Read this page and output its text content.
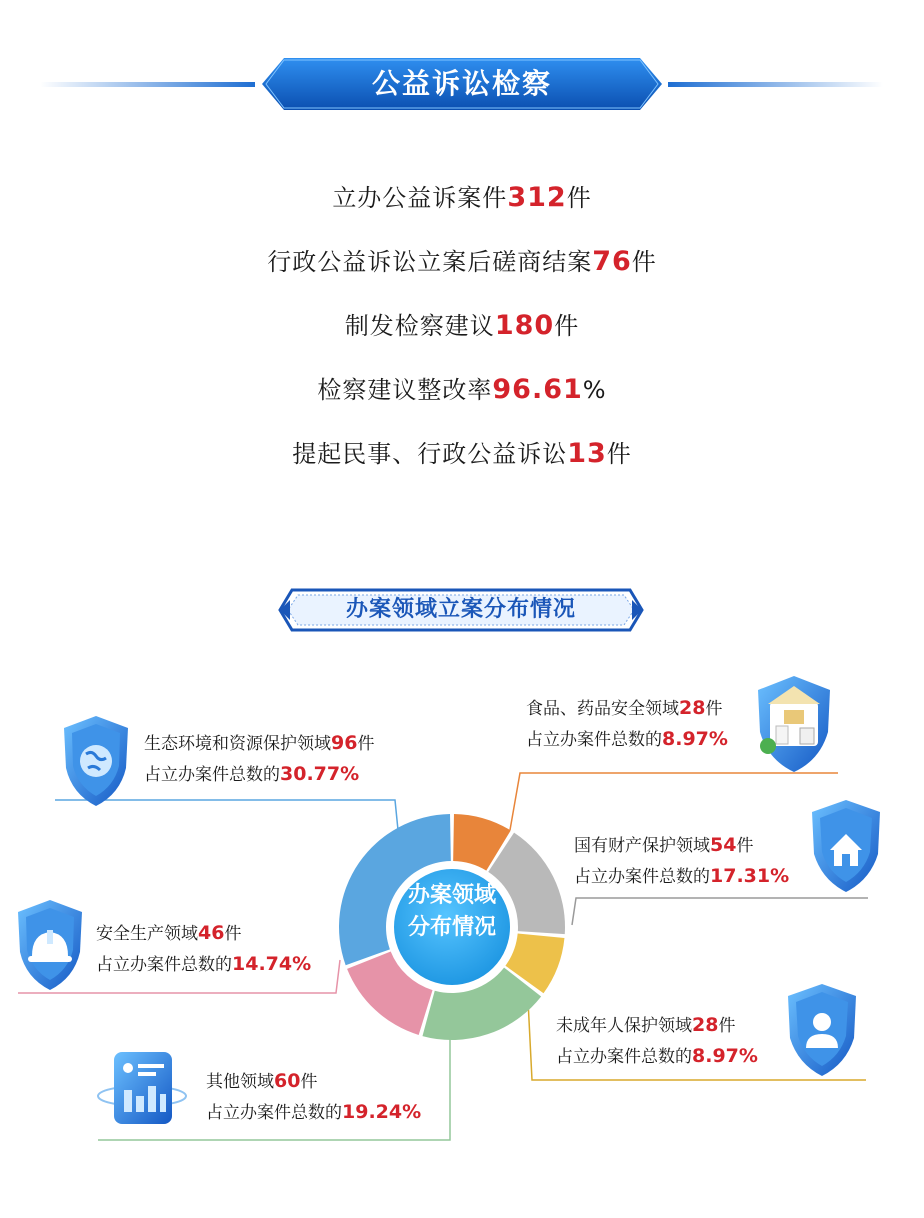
公益诉讼检察
立办公益诉案件312件
行政公益诉讼立案后磋商结案76件
制发检察建议180件
检察建议整改率96.61%
提起民事、行政公益诉讼13件
办案领域立案分布情况
办案领域
分布情况
生态环境和资源保护领域96件
占立办案件总数的30.77%
食品、药品安全领域28件
占立办案件总数的8.97%
国有财产保护领域54件
占立办案件总数的17.31%
安全生产领域46件
占立办案件总数的14.74%
未成年人保护领域28件
占立办案件总数的8.97%
其他领域60件
占立办案件总数的19.24%
